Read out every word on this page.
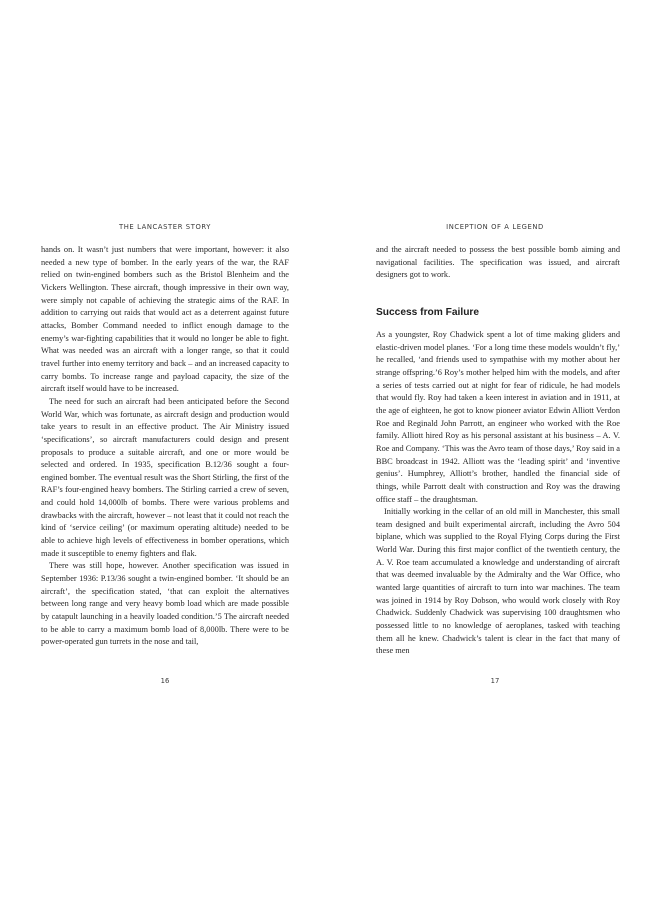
THE LANCASTER STORY

hands on. It wasn’t just numbers that were important, however: it also needed a new type of bomber. In the early years of the war, the RAF relied on twin-engined bombers such as the Bristol Blenheim and the Vickers Wellington. These aircraft, though impressive in their own way, were simply not capable of achieving the strategic aims of the RAF. In addition to carrying out raids that would act as a deterrent against future attacks, Bomber Command needed to inflict enough damage to the enemy’s war-fighting capabilities that it would no longer be able to fight. What was needed was an aircraft with a longer range, so that it could travel further into enemy territory and back – and an increased capacity to carry bombs. To increase range and payload capacity, the size of the aircraft itself would have to be increased.

The need for such an aircraft had been anticipated before the Second World War, which was fortunate, as aircraft design and production would take years to result in an effective product. The Air Ministry issued ‘specifications’, so aircraft manufacturers could design and present proposals to produce a suitable aircraft, and one or more would be selected and ordered. In 1935, specification B.12/36 sought a four-engined bomber. The eventual result was the Short Stirling, the first of the RAF’s four-engined heavy bombers. The Stirling carried a crew of seven, and could hold 14,000lb of bombs. There were various problems and drawbacks with the aircraft, however – not least that it could not reach the kind of ‘service ceiling’ (or maximum operating altitude) needed to be able to achieve high levels of effectiveness in bomber operations, which made it susceptible to enemy fighters and flak.

There was still hope, however. Another specification was issued in September 1936: P.13/36 sought a twin-engined bomber. ‘It should be an aircraft’, the specification stated, ‘that can exploit the alternatives between long range and very heavy bomb load which are made possible by catapult launching in a heavily loaded condition.’5 The aircraft needed to be able to carry a maximum bomb load of 8,000lb. There were to be power-operated gun turrets in the nose and tail,

16
INCEPTION OF A LEGEND

and the aircraft needed to possess the best possible bomb aiming and navigational facilities. The specification was issued, and aircraft designers got to work.

Success from Failure

As a youngster, Roy Chadwick spent a lot of time making gliders and elastic-driven model planes. ‘For a long time these models wouldn’t fly,’ he recalled, ‘and friends used to sympathise with my mother about her strange offspring.’6 Roy’s mother helped him with the models, and after a series of tests carried out at night for fear of ridicule, he had models that would fly. Roy had taken a keen interest in aviation and in 1911, at the age of eighteen, he got to know pioneer aviator Edwin Alliott Verdon Roe and Reginald John Parrott, an engineer who worked with the Roe family. Alliott hired Roy as his personal assistant at his business – A. V. Roe and Company. ‘This was the Avro team of those days,’ Roy said in a BBC broadcast in 1942. Alliott was the ‘leading spirit’ and ‘inventive genius’. Humphrey, Alliott’s brother, handled the financial side of things, while Parrott dealt with construction and Roy was the drawing office staff – the draughtsman.

Initially working in the cellar of an old mill in Manchester, this small team designed and built experimental aircraft, including the Avro 504 biplane, which was supplied to the Royal Flying Corps during the First World War. During this first major conflict of the twentieth century, the A. V. Roe team accumulated a knowledge and understanding of aircraft that was deemed invaluable by the Admiralty and the War Office, who wanted large quantities of aircraft to turn into war machines. The team was joined in 1914 by Roy Dobson, who would work closely with Roy Chadwick. Suddenly Chadwick was supervising 100 draughtsmen who possessed little to no knowledge of aeroplanes, tasked with teaching them all he knew. Chadwick’s talent is clear in the fact that many of these men

17
